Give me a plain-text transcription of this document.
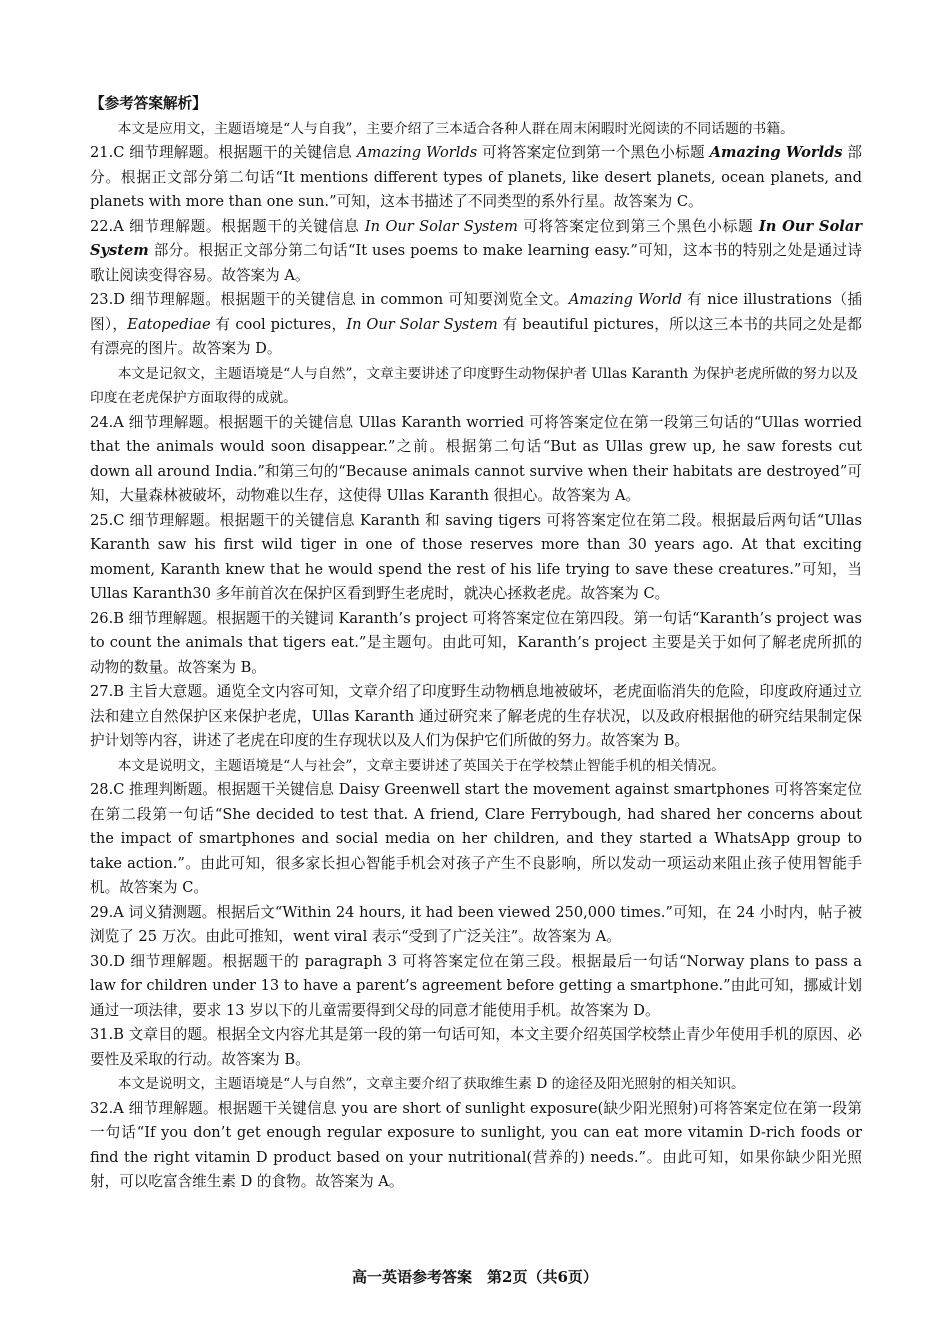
【参考答案解析】

本文是应用文，主题语境是“人与自我”，主要介绍了三本适合各种人群在周末闲暇时光阅读的不同话题的书籍。

21.C 细节理解题。根据题干的关键信息 Amazing Worlds 可将答案定位到第一个黑色小标题 Amazing Worlds 部分。根据正文部分第二句话“It mentions different types of planets, like desert planets, ocean planets, and planets with more than one sun.”可知，这本书描述了不同类型的系外行星。故答案为 C。

22.A 细节理解题。根据题干的关键信息 In Our Solar System 可将答案定位到第三个黑色小标题 In Our Solar System 部分。根据正文部分第二句话“It uses poems to make learning easy.”可知，这本书的特别之处是通过诗歌让阅读变得容易。故答案为 A。

23.D 细节理解题。根据题干的关键信息 in common 可知要浏览全文。Amazing World 有 nice illustrations（插图），Eatopediae 有 cool pictures，In Our Solar System 有 beautiful pictures，所以这三本书的共同之处是都有漂亮的图片。故答案为 D。

本文是记叙文，主题语境是“人与自然”，文章主要讲述了印度野生动物保护者 Ullas Karanth 为保护老虎所做的努力以及印度在老虎保护方面取得的成就。

24.A 细节理解题。根据题干的关键信息 Ullas Karanth worried 可将答案定位在第一段第三句话的“Ullas worried that the animals would soon disappear.”之前。根据第二句话“But as Ullas grew up, he saw forests cut down all around India.”和第三句的“Because animals cannot survive when their habitats are destroyed”可知，大量森林被破坏，动物难以生存，这使得 Ullas Karanth 很担心。故答案为 A。

25.C 细节理解题。根据题干的关键信息 Karanth 和 saving tigers 可将答案定位在第二段。根据最后两句话“Ullas Karanth saw his first wild tiger in one of those reserves more than 30 years ago. At that exciting moment, Karanth knew that he would spend the rest of his life trying to save these creatures.”可知，当 Ullas Karanth30 多年前首次在保护区看到野生老虎时，就决心拯救老虎。故答案为 C。

26.B 细节理解题。根据题干的关键词 Karanth’s project 可将答案定位在第四段。第一句话“Karanth’s project was to count the animals that tigers eat.”是主题句。由此可知，Karanth’s project 主要是关于如何了解老虎所抓的动物的数量。故答案为 B。

27.B 主旨大意题。通览全文内容可知，文章介绍了印度野生动物栖息地被破坏，老虎面临消失的危险，印度政府通过立法和建立自然保护区来保护老虎，Ullas Karanth 通过研究来了解老虎的生存状况，以及政府根据他的研究结果制定保护计划等内容，讲述了老虎在印度的生存现状以及人们为保护它们所做的努力。故答案为 B。

本文是说明文，主题语境是“人与社会”，文章主要讲述了英国关于在学校禁止智能手机的相关情况。

28.C 推理判断题。根据题干关键信息 Daisy Greenwell start the movement against smartphones 可将答案定位在第二段第一句话“She decided to test that. A friend, Clare Ferrybough, had shared her concerns about the impact of smartphones and social media on her children, and they started a WhatsApp group to take action.”。由此可知，很多家长担心智能手机会对孩子产生不良影响，所以发动一项运动来阻止孩子使用智能手机。故答案为 C。

29.A 词义猜测题。根据后文“Within 24 hours, it had been viewed 250,000 times.”可知，在 24 小时内，帖子被浏览了 25 万次。由此可推知，went viral 表示“受到了广泛关注”。故答案为 A。

30.D 细节理解题。根据题干的 paragraph 3 可将答案定位在第三段。根据最后一句话“Norway plans to pass a law for children under 13 to have a parent’s agreement before getting a smartphone.”由此可知，挪威计划通过一项法律，要求 13 岁以下的儿童需要得到父母的同意才能使用手机。故答案为 D。

31.B 文章目的题。根据全文内容尤其是第一段的第一句话可知，本文主要介绍英国学校禁止青少年使用手机的原因、必要性及采取的行动。故答案为 B。

本文是说明文，主题语境是“人与自然”，文章主要介绍了获取维生素 D 的途径及阳光照射的相关知识。

32.A 细节理解题。根据题干关键信息 you are short of sunlight exposure(缺少阳光照射)可将答案定位在第一段第一句话“If you don’t get enough regular exposure to sunlight, you can eat more vitamin D-rich foods or find the right vitamin D product based on your nutritional(营养的) needs.”。由此可知，如果你缺少阳光照射，可以吃富含维生素 D 的食物。故答案为 A。

高一英语参考答案　第2页（共6页）
